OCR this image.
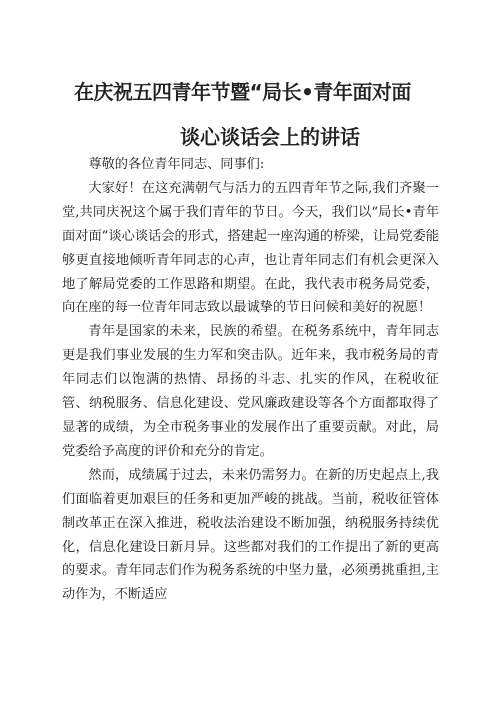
在庆祝五四青年节暨“局长•青年面对面
谈心谈话会上的讲话

尊敬的各位青年同志、同事们:

大家好！在这充满朝气与活力的五四青年节之际,我们齐聚一堂,共同庆祝这个属于我们青年的节日。今天，我们以“局长•青年面对面”谈心谈话会的形式，搭建起一座沟通的桥梁，让局党委能够更直接地倾听青年同志的心声，也让青年同志们有机会更深入地了解局党委的工作思路和期望。在此，我代表市税务局党委，向在座的每一位青年同志致以最诚挚的节日问候和美好的祝愿！

青年是国家的未来，民族的希望。在税务系统中，青年同志更是我们事业发展的生力军和突击队。近年来，我市税务局的青年同志们以饱满的热情、昂扬的斗志、扎实的作风，在税收征管、纳税服务、信息化建设、党风廉政建设等各个方面都取得了显著的成绩，为全市税务事业的发展作出了重要贡献。对此，局党委给予高度的评价和充分的肯定。

然而，成绩属于过去，未来仍需努力。在新的历史起点上,我们面临着更加艰巨的任务和更加严峻的挑战。当前，税收征管体制改革正在深入推进，税收法治建设不断加强，纳税服务持续优化，信息化建设日新月异。这些都对我们的工作提出了新的更高的要求。青年同志们作为税务系统的中坚力量，必须勇挑重担,主动作为，不断适应
